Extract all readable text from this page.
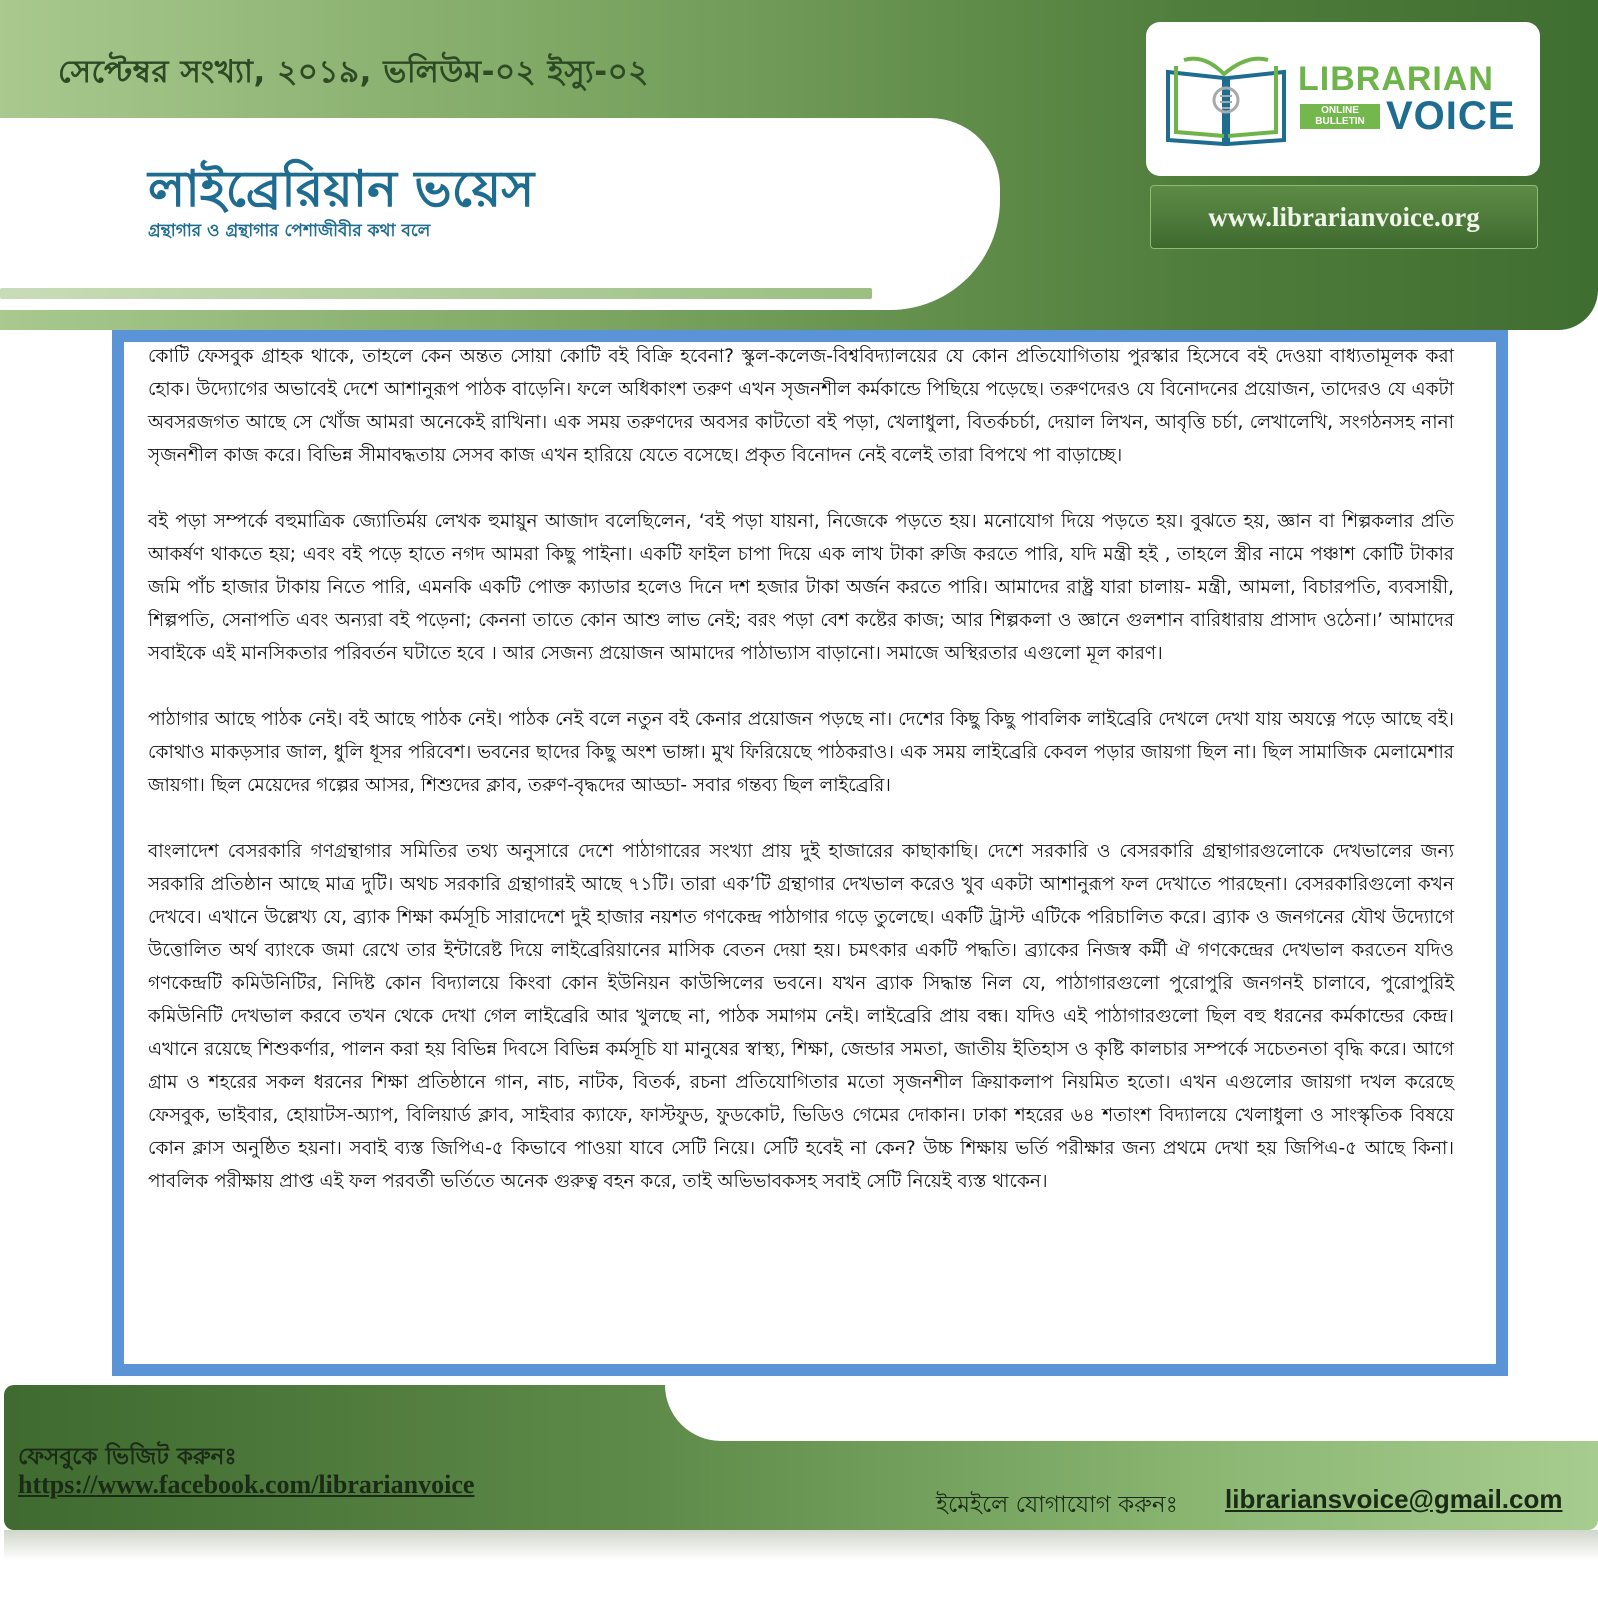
সেপ্টেম্বর সংখ্যা, ২০১৯, ভলিউম-০২ ইস্যু-০২
লাইব্রেরিয়ান ভয়েস
গ্রন্থাগার ও গ্রন্থাগার পেশাজীবীর কথা বলে
LIBRARIAN
ONLINE
BULLETIN VOICE
www.librarianvoice.org

কোটি ফেসবুক গ্রাহক থাকে, তাহলে কেন অন্তত সোয়া কোটি বই বিক্রি হবেনা? স্কুল-কলেজ-বিশ্ববিদ্যালয়ের যে কোন প্রতিযোগিতায় পুরস্কার হিসেবে বই দেওয়া বাধ্যতামূলক করা হোক। উদ্যোগের অভাবেই দেশে আশানুরূপ পাঠক বাড়েনি। ফলে অধিকাংশ তরুণ এখন সৃজনশীল কর্মকান্ডে পিছিয়ে পড়েছে। তরুণদেরও যে বিনোদনের প্রয়োজন, তাদেরও যে একটা অবসরজগত আছে সে খোঁজ আমরা অনেকেই রাখিনা। এক সময় তরুণদের অবসর কাটতো বই পড়া, খেলাধুলা, বিতর্কচর্চা, দেয়াল লিখন, আবৃত্তি চর্চা, লেখালেখি, সংগঠনসহ নানা সৃজনশীল কাজ করে। বিভিন্ন সীমাবদ্ধতায় সেসব কাজ এখন হারিয়ে যেতে বসেছে। প্রকৃত বিনোদন নেই বলেই তারা বিপথে পা বাড়াচ্ছে।

বই পড়া সম্পর্কে বহুমাত্রিক জ্যোতির্ময় লেখক হুমায়ুন আজাদ বলেছিলেন, ‘বই পড়া যায়না, নিজেকে পড়তে হয়। মনোযোগ দিয়ে পড়তে হয়। বুঝতে হয়, জ্ঞান বা শিল্পকলার প্রতি আকর্ষণ থাকতে হয়; এবং বই পড়ে হাতে নগদ আমরা কিছু পাইনা। একটি ফাইল চাপা দিয়ে এক লাখ টাকা রুজি করতে পারি, যদি মন্ত্রী হই , তাহলে স্ত্রীর নামে পঞ্চাশ কোটি টাকার জমি পাঁচ হাজার টাকায় নিতে পারি, এমনকি একটি পোক্ত ক্যাডার হলেও দিনে দশ হজার টাকা অর্জন করতে পারি। আমাদের রাষ্ট্র যারা চালায়- মন্ত্রী, আমলা, বিচারপতি, ব্যবসায়ী, শিল্পপতি, সেনাপতি এবং অন্যরা বই পড়েনা; কেননা তাতে কোন আশু লাভ নেই; বরং পড়া বেশ কষ্টের কাজ; আর শিল্পকলা ও জ্ঞানে গুলশান বারিধারায় প্রাসাদ ওঠেনা।’ আমাদের সবাইকে এই মানসিকতার পরিবর্তন ঘটাতে হবে । আর সেজন্য প্রয়োজন আমাদের পাঠাভ্যাস বাড়ানো। সমাজে অস্থিরতার এগুলো মূল কারণ।

পাঠাগার আছে পাঠক নেই। বই আছে পাঠক নেই। পাঠক নেই বলে নতুন বই কেনার প্রয়োজন পড়ছে না। দেশের কিছু কিছু পাবলিক লাইব্রেরি দেখলে দেখা যায় অযত্নে পড়ে আছে বই। কোথাও মাকড়সার জাল, ধুলি ধূসর পরিবেশ। ভবনের ছাদের কিছু অংশ ভাঙ্গা। মুখ ফিরিয়েছে পাঠকরাও। এক সময় লাইব্রেরি কেবল পড়ার জায়গা ছিল না। ছিল সামাজিক মেলামেশার জায়গা। ছিল মেয়েদের গল্পের আসর, শিশুদের ক্লাব, তরুণ-বৃদ্ধদের আড্ডা- সবার গন্তব্য ছিল লাইব্রেরি।

বাংলাদেশ বেসরকারি গণগ্রন্থাগার সমিতির তথ্য অনুসারে দেশে পাঠাগারের সংখ্যা প্রায় দুই হাজারের কাছাকাছি। দেশে সরকারি ও বেসরকারি গ্রন্থাগারগুলোকে দেখভালের জন্য সরকারি প্রতিষ্ঠান আছে মাত্র দুটি। অথচ সরকারি গ্রন্থাগারই আছে ৭১টি। তারা এক’টি গ্রন্থাগার দেখভাল করেও খুব একটা আশানুরূপ ফল দেখাতে পারছেনা। বেসরকারিগুলো কখন দেখবে। এখানে উল্লেখ্য যে, ব্র্যাক শিক্ষা কর্মসূচি সারাদেশে দুই হাজার নয়শত গণকেন্দ্র পাঠাগার গড়ে তুলেছে। একটি ট্রাস্ট এটিকে পরিচালিত করে। ব্র্যাক ও জনগনের যৌথ উদ্যোগে উত্তোলিত অর্থ ব্যাংকে জমা রেখে তার ইন্টারেষ্ট দিয়ে লাইব্রেরিয়ানের মাসিক বেতন দেয়া হয়। চমৎকার একটি পদ্ধতি। ব্র্যাকের নিজস্ব কর্মী ঐ গণকেন্দ্রের দেখভাল করতেন যদিও গণকেন্দ্রটি কমিউনিটির, নিদিষ্ট কোন বিদ্যালয়ে কিংবা কোন ইউনিয়ন কাউন্সিলের ভবনে। যখন ব্র্যাক সিদ্ধান্ত নিল যে, পাঠাগারগুলো পুরোপুরি জনগনই চালাবে, পুরোপুরিই কমিউনিটি দেখভাল করবে তখন থেকে দেখা গেল লাইব্রেরি আর খুলছে না, পাঠক সমাগম নেই। লাইব্রেরি প্রায় বন্ধ। যদিও এই পাঠাগারগুলো ছিল বহু ধরনের কর্মকান্ডের কেন্দ্র। এখানে রয়েছে শিশুকর্ণার, পালন করা হয় বিভিন্ন দিবসে বিভিন্ন কর্মসূচি যা মানুষের স্বাস্থ্য, শিক্ষা, জেন্ডার সমতা, জাতীয় ইতিহাস ও কৃষ্টি কালচার সম্পর্কে সচেতনতা বৃদ্ধি করে। আগে গ্রাম ও শহরের সকল ধরনের শিক্ষা প্রতিষ্ঠানে গান, নাচ, নাটক, বিতর্ক, রচনা প্রতিযোগিতার মতো সৃজনশীল ক্রিয়াকলাপ নিয়মিত হতো। এখন এগুলোর জায়গা দখল করেছে ফেসবুক, ভাইবার, হোয়াটস-অ্যাপ, বিলিয়ার্ড ক্লাব, সাইবার ক্যাফে, ফাস্টফুড, ফুডকোট, ভিডিও গেমের দোকান। ঢাকা শহরের ৬৪ শতাংশ বিদ্যালয়ে খেলাধুলা ও সাংস্কৃতিক বিষয়ে কোন ক্লাস অনুষ্ঠিত হয়না। সবাই ব্যস্ত জিপিএ-৫ কিভাবে পাওয়া যাবে সেটি নিয়ে। সেটি হবেই না কেন? উচ্চ শিক্ষায় ভর্তি পরীক্ষার জন্য প্রথমে দেখা হয় জিপিএ-৫ আছে কিনা। পাবলিক পরীক্ষায় প্রাপ্ত এই ফল পরবর্তী ভর্তিতে অনেক গুরুত্ব বহন করে, তাই অভিভাবকসহ সবাই সেটি নিয়েই ব্যস্ত থাকেন।

ফেসবুকে ভিজিট করুনঃ
https://www.facebook.com/librarianvoice
ইমেইলে যোগাযোগ করুনঃ librariansvoice@gmail.com
